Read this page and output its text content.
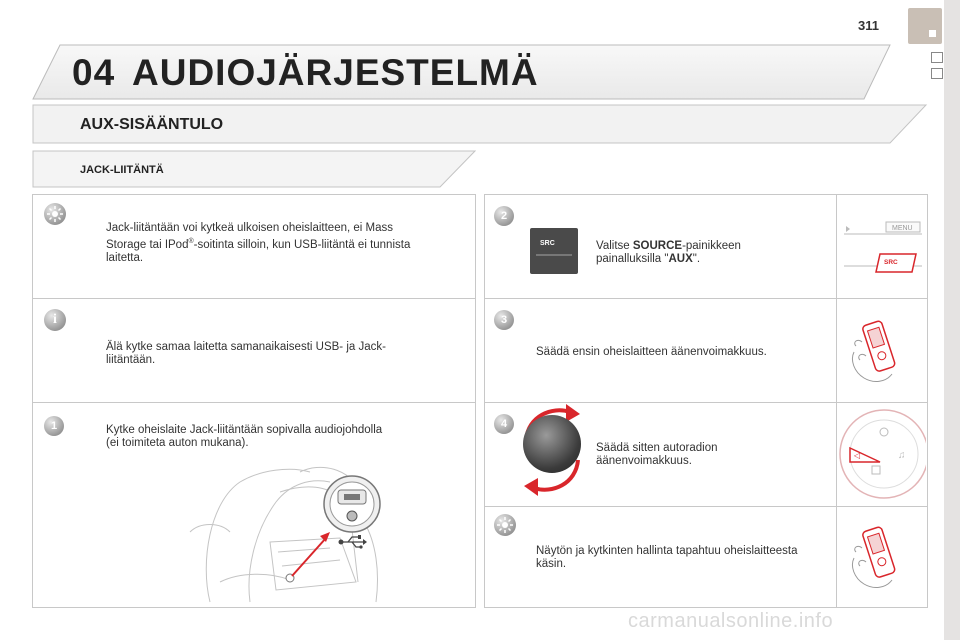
311
04 AUDIOJÄRJESTELMÄ
AUX-SISÄÄNTULO
JACK-LIITÄNTÄ
Jack-liitäntään voi kytkeä ulkoisen oheislaitteen, ei Mass
Storage tai IPod®-soitinta silloin, kun USB-liitäntä ei tunnista
laitetta.
i
Älä kytke samaa laitetta samanaikaisesti USB- ja Jack-
liitäntään.
1	Kytke oheislaite Jack-liitäntään sopivalla audiojohdolla
(ei toimiteta auton mukana).
2
SRC	Valitse SOURCE-painikkeen
painalluksilla "AUX".
MENU
SRC
3
Säädä ensin oheislaitteen äänenvoimakkuus.
4
Säädä sitten autoradion
äänenvoimakkuus.	◁	♫
Näytön ja kytkinten hallinta tapahtuu oheislaitteesta
käsin.
carmanualsonline.info
